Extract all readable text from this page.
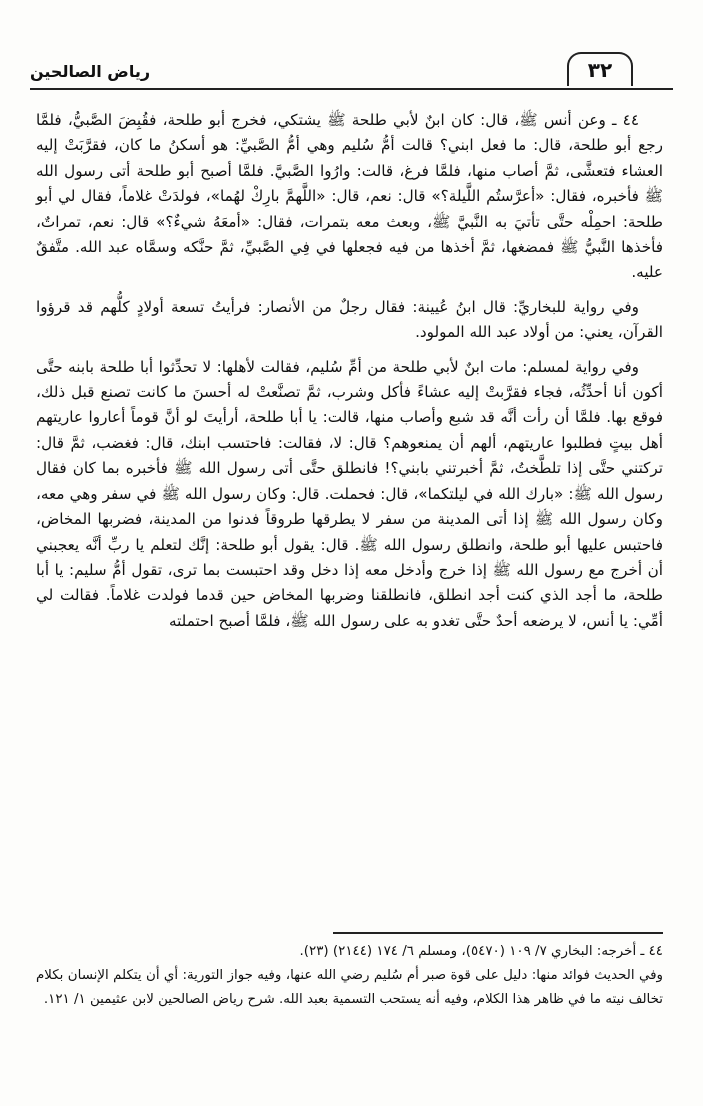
٣٢
رياض الصالحين

٤٤ ـ وعن أنس ﷺ، قال: كان ابنٌ لأبي طلحة ﷺ يشتكي، فخرج أبو طلحة، فقُبِضَ الصَّبيُّ، فلمَّا رجع أبو طلحة، قال: ما فعل ابني؟ قالت أمُّ سُليم وهي أمُّ الصَّبيِّ: هو أسكنُ ما كان، فقرَّبَتْ إليه العشاء فتعشَّى، ثمَّ أصاب منها، فلمَّا فرغ، قالت: وارُوا الصَّبيَّ. فلمَّا أصبح أبو طلحة أتى رسول الله ﷺ فأخبره، فقال: «أعرَّستُم اللَّيلة؟» قال: نعم، قال: «اللَّهمَّ بارِكْ لهُما»، فولدَتْ غلاماً، فقال لي أبو طلحة: احمِلْه حتَّى تأتيَ به النَّبيَّ ﷺ، وبعث معه بتمرات، فقال: «أمعَهُ شيءٌ؟» قال: نعم، تمراتٌ، فأخذها النَّبيُّ ﷺ فمضغها، ثمَّ أخذها من فيه فجعلها في فِي الصَّبيِّ، ثمَّ حنَّكه وسمَّاه عبد الله. متَّفقٌ عليه.

وفي رواية للبخاريِّ: قال ابنُ عُيينة: فقال رجلٌ من الأنصار: فرأيتُ تسعة أولادٍ كلُّهم قد قرؤوا القرآن، يعني: من أولاد عبد الله المولود.

وفي رواية لمسلم: مات ابنٌ لأبي طلحة من أمِّ سُليم، فقالت لأهلها: لا تحدِّثوا أبا طلحة بابنه حتَّى أكون أنا أحدِّثُه، فجاء فقرَّبتْ إليه عشاءً فأكل وشرب، ثمَّ تصنَّعتْ له أحسنَ ما كانت تصنع قبل ذلك، فوقع بها. فلمَّا أن رأت أنَّه قد شبع وأصاب منها، قالت: يا أبا طلحة، أرأيتَ لو أنَّ قوماً أعاروا عاريتهم أهل بيتٍ فطلبوا عاريتهم، ألهم أن يمنعوهم؟ قال: لا، فقالت: فاحتسب ابنك، قال: فغضب، ثمَّ قال: تركتني حتَّى إذا تلطَّختُ، ثمَّ أخبرتني بابني؟! فانطلق حتَّى أتى رسول الله ﷺ فأخبره بما كان فقال رسول الله ﷺ: «بارك الله في ليلتكما»، قال: فحملت. قال: وكان رسول الله ﷺ في سفر وهي معه، وكان رسول الله ﷺ إذا أتى المدينة من سفر لا يطرقها طروقاً فدنوا من المدينة، فضربها المخاض، فاحتبس عليها أبو طلحة، وانطلق رسول الله ﷺ. قال: يقول أبو طلحة: إنَّك لتعلم يا ربِّ أنَّه يعجبني أن أخرج مع رسول الله ﷺ إذا خرج وأدخل معه إذا دخل وقد احتبست بما ترى، تقول أمُّ سليم: يا أبا طلحة، ما أجد الذي كنت أجد انطلق، فانطلقنا وضربها المخاض حين قدما فولدت غلاماً. فقالت لي أمِّي: يا أنس، لا يرضعه أحدٌ حتَّى تغدو به على رسول الله ﷺ، فلمَّا أصبح احتملته

٤٤ ـ أخرجه: البخاري ٧/ ١٠٩ (٥٤٧٠)، ومسلم ٦/ ١٧٤ (٢١٤٤) (٢٣).

وفي الحديث فوائد منها: دليل على قوة صبر أم سُليم رضي الله عنها، وفيه جواز التورية: أي أن يتكلم الإنسان بكلام تخالف نيته ما في ظاهر هذا الكلام، وفيه أنه يستحب التسمية بعبد الله. شرح رياض الصالحين لابن عثيمين ١/ ١٢١.
